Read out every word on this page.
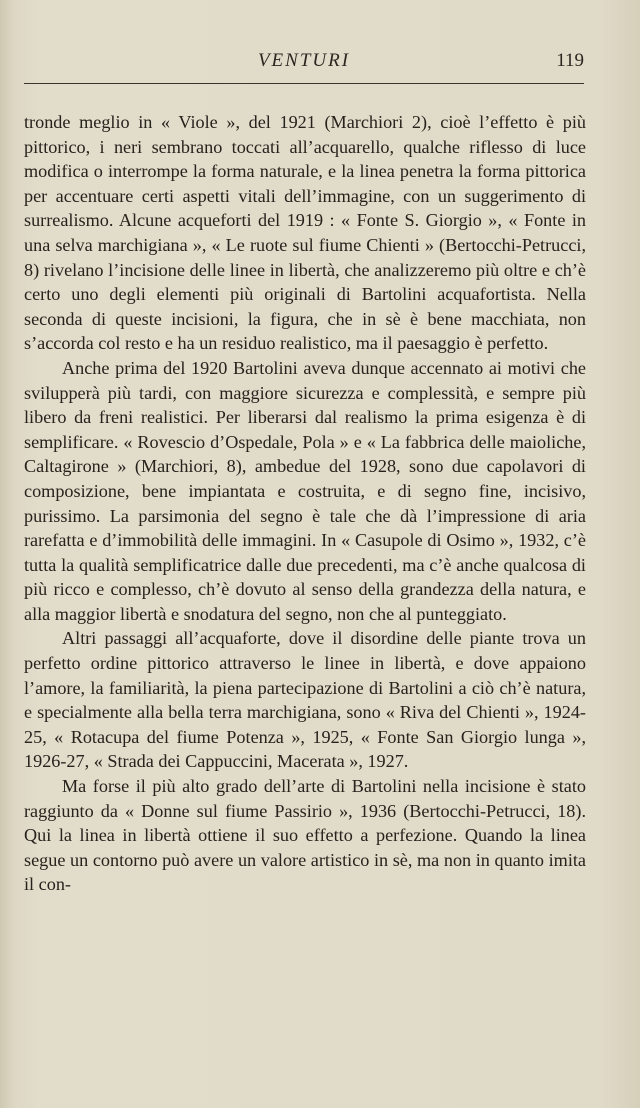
VENTURI	119

tronde meglio in « Viole », del 1921 (Marchiori 2), cioè l’effetto è più pittorico, i neri sembrano toccati all’acquarello, qualche riflesso di luce modifica o interrompe la forma naturale, e la linea penetra la forma pittorica per accentuare certi aspetti vitali dell’immagine, con un suggerimento di surrealismo. Alcune acqueforti del 1919 : « Fonte S. Giorgio », « Fonte in una selva marchigiana », « Le ruote sul fiume Chienti » (Bertocchi-Petrucci, 8) rivelano l’incisione delle linee in libertà, che analizzeremo più oltre e ch’è certo uno degli elementi più originali di Bartolini acquafortista. Nella seconda di queste incisioni, la figura, che in sè è bene macchiata, non s’accorda col resto e ha un residuo realistico, ma il paesaggio è perfetto.

Anche prima del 1920 Bartolini aveva dunque accennato ai motivi che svilupperà più tardi, con maggiore sicurezza e complessità, e sempre più libero da freni realistici. Per liberarsi dal realismo la prima esigenza è di semplificare. « Rovescio d’Ospedale, Pola » e « La fabbrica delle maioliche, Caltagirone » (Marchiori, 8), ambedue del 1928, sono due capolavori di composizione, bene impiantata e costruita, e di segno fine, incisivo, purissimo. La parsimonia del segno è tale che dà l’impressione di aria rarefatta e d’immobilità delle immagini. In « Casupole di Osimo », 1932, c’è tutta la qualità semplificatrice dalle due precedenti, ma c’è anche qualcosa di più ricco e complesso, ch’è dovuto al senso della grandezza della natura, e alla maggior libertà e snodatura del segno, non che al punteggiato.

Altri passaggi all’acquaforte, dove il disordine delle piante trova un perfetto ordine pittorico attraverso le linee in libertà, e dove appaiono l’amore, la familiarità, la piena partecipazione di Bartolini a ciò ch’è natura, e specialmente alla bella terra marchigiana, sono « Riva del Chienti », 1924-25, « Rotacupa del fiume Potenza », 1925, « Fonte San Giorgio lunga », 1926-27, « Strada dei Cappuccini, Macerata », 1927.

Ma forse il più alto grado dell’arte di Bartolini nella incisione è stato raggiunto da « Donne sul fiume Passirio », 1936 (Bertocchi-Petrucci, 18). Qui la linea in libertà ottiene il suo effetto a perfezione. Quando la linea segue un contorno può avere un valore artistico in sè, ma non in quanto imita il con-
